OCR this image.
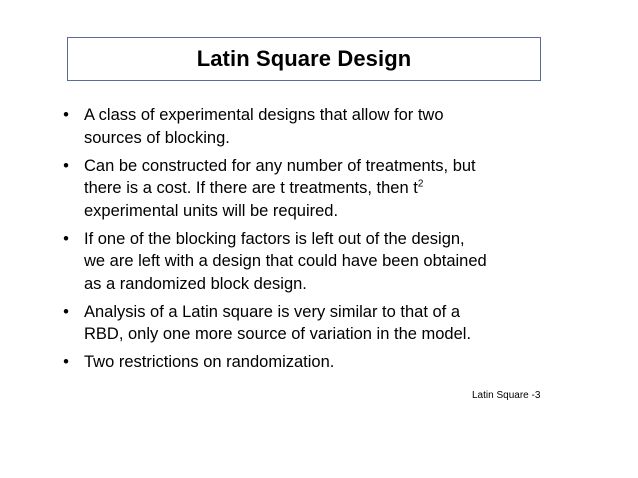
Latin Square Design
• A class of experimental designs that allow for two
sources of blocking.
• Can be constructed for any number of treatments, but
there is a cost. If there are t treatments, then $t^2$
experimental units will be required.
• If one of the blocking factors is left out of the design,
we are left with a design that could have been obtained
as a randomized block design.
• Analysis of a Latin square is very similar to that of a
RBD, only one more source of variation in the model.
• Two restrictions on randomization.
Latin Square -3
